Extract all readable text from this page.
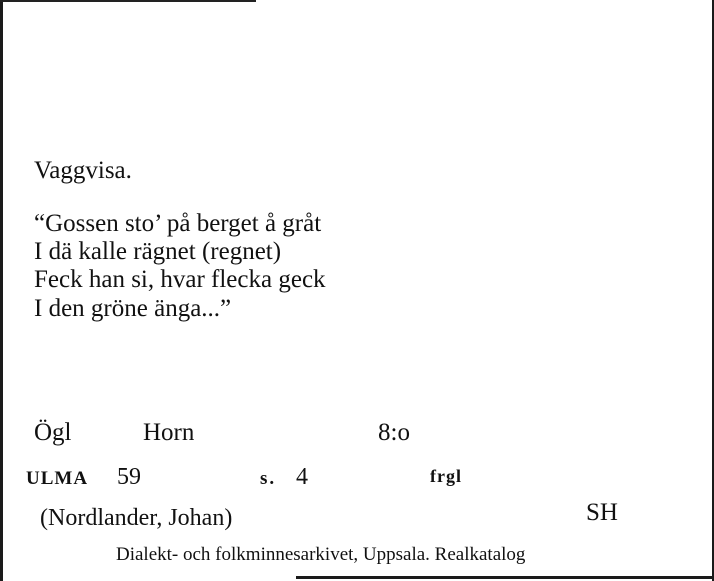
Vaggvisa.
“Gossen sto’ på berget å gråt
I dä kalle rägnet (regnet)
Feck han si, hvar flecka geck
I den gröne änga...”
Ögl	Horn	8:o
ULMA 59	s. 4	frgl
(Nordlander, Johan)	SH
Dialekt- och folkminnesarkivet, Uppsala. Realkatalog
